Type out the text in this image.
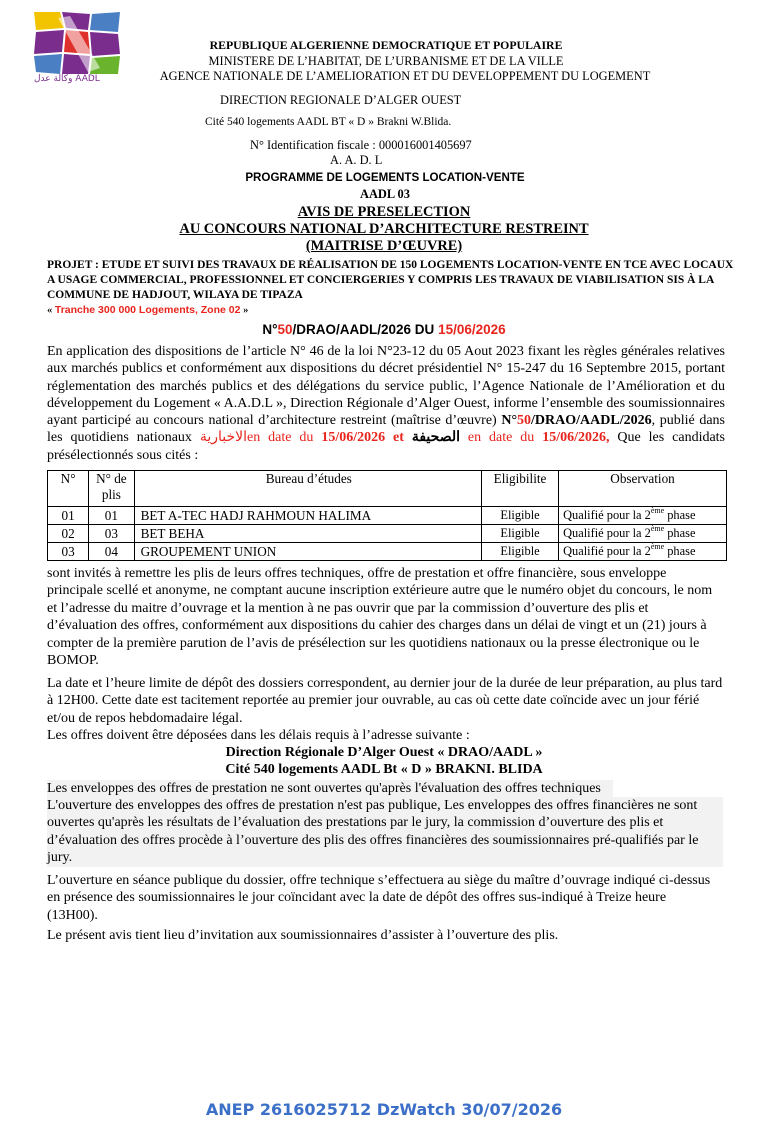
وكالة عدل AADL
REPUBLIQUE ALGERIENNE DEMOCRATIQUE ET POPULAIRE
MINISTERE DE L’HABITAT, DE L’URBANISME ET DE LA VILLE
AGENCE NATIONALE DE L’AMELIORATION ET DU DEVELOPPEMENT DU LOGEMENT
DIRECTION REGIONALE D’ALGER OUEST
Cité 540 logements AADL BT « D » Brakni W.Blida.
N° Identification fiscale : 000016001405697
A. A. D. L
PROGRAMME DE LOGEMENTS LOCATION-VENTE
AADL 03
AVIS DE PRESELECTION
AU CONCOURS NATIONAL D’ARCHITECTURE RESTREINT
(MAITRISE D’ŒUVRE)
PROJET : ETUDE ET SUIVI DES TRAVAUX DE RÉALISATION DE 150 LOGEMENTS LOCATION-VENTE EN TCE AVEC LOCAUX A USAGE COMMERCIAL, PROFESSIONNEL ET CONCIERGERIES Y COMPRIS LES TRAVAUX DE VIABILISATION SIS À LA COMMUNE DE HADJOUT, WILAYA DE TIPAZA
« Tranche 300 000 Logements, Zone 02 »
N°50/DRAO/AADL/2026 DU 15/06/2026
En application des dispositions de l’article N° 46 de la loi N°23-12 du 05 Aout 2023 fixant les règles générales relatives aux marchés publics et conformément aux dispositions du décret présidentiel N° 15-247 du 16 Septembre 2015, portant réglementation des marchés publics et des délégations du service public, l’Agence Nationale de l’Amélioration et du développement du Logement « A.A.D.L », Direction Régionale d’Alger Ouest, informe l’ensemble des soumissionnaires ayant participé au concours national d’architecture restreint (maîtrise d’œuvre) N°50/DRAO/AADL/2026, publié dans les quotidiens nationaux الاخباريةen date du 15/06/2026 et الصحيفة en date du 15/06/2026, Que les candidats présélectionnés sous cités :
N°	N° de plis	Bureau d’études	Eligibilite	Observation
01	01	BET A-TEC HADJ RAHMOUN HALIMA	Eligible	Qualifié pour la 2ème phase
02	03	BET BEHA	Eligible	Qualifié pour la 2ème phase
03	04	GROUPEMENT UNION	Eligible	Qualifié pour la 2ème phase
sont invités à remettre les plis de leurs offres techniques, offre de prestation et offre financière, sous enveloppe principale scellé et anonyme, ne comptant aucune inscription extérieure autre que le numéro objet du concours, le nom et l’adresse du maitre d’ouvrage et la mention à ne pas ouvrir que par la commission d’ouverture des plis et d’évaluation des offres, conformément aux dispositions du cahier des charges dans un délai de vingt et un (21) jours à compter de la première parution de l’avis de présélection sur les quotidiens nationaux ou la presse électronique ou le BOMOP.
La date et l’heure limite de dépôt des dossiers correspondent, au dernier jour de la durée de leur préparation, au plus tard à 12H00. Cette date est tacitement reportée au premier jour ouvrable, au cas où cette date coïncide avec un jour férié et/ou de repos hebdomadaire légal.
Les offres doivent être déposées dans les délais requis à l’adresse suivante :
Direction Régionale D’Alger Ouest « DRAO/AADL »
Cité 540 logements AADL Bt « D » BRAKNI. BLIDA
Les enveloppes des offres de prestation ne sont ouvertes qu'après l'évaluation des offres techniques
L'ouverture des enveloppes des offres de prestation n'est pas publique, Les enveloppes des offres financières ne sont ouvertes qu'après les résultats de l’évaluation des prestations par le jury, la commission d’ouverture des plis et d’évaluation des offres procède à l’ouverture des plis des offres financières des soumissionnaires pré-qualifiés par le jury.
L’ouverture en séance publique du dossier, offre technique s’effectuera au siège du maître d’ouvrage indiqué ci-dessus en présence des soumissionnaires le jour coïncidant avec la date de dépôt des offres sus-indiqué à Treize heure (13H00).
Le présent avis tient lieu d’invitation aux soumissionnaires d’assister à l’ouverture des plis.
ANEP 2616025712 DzWatch 30/07/2026
